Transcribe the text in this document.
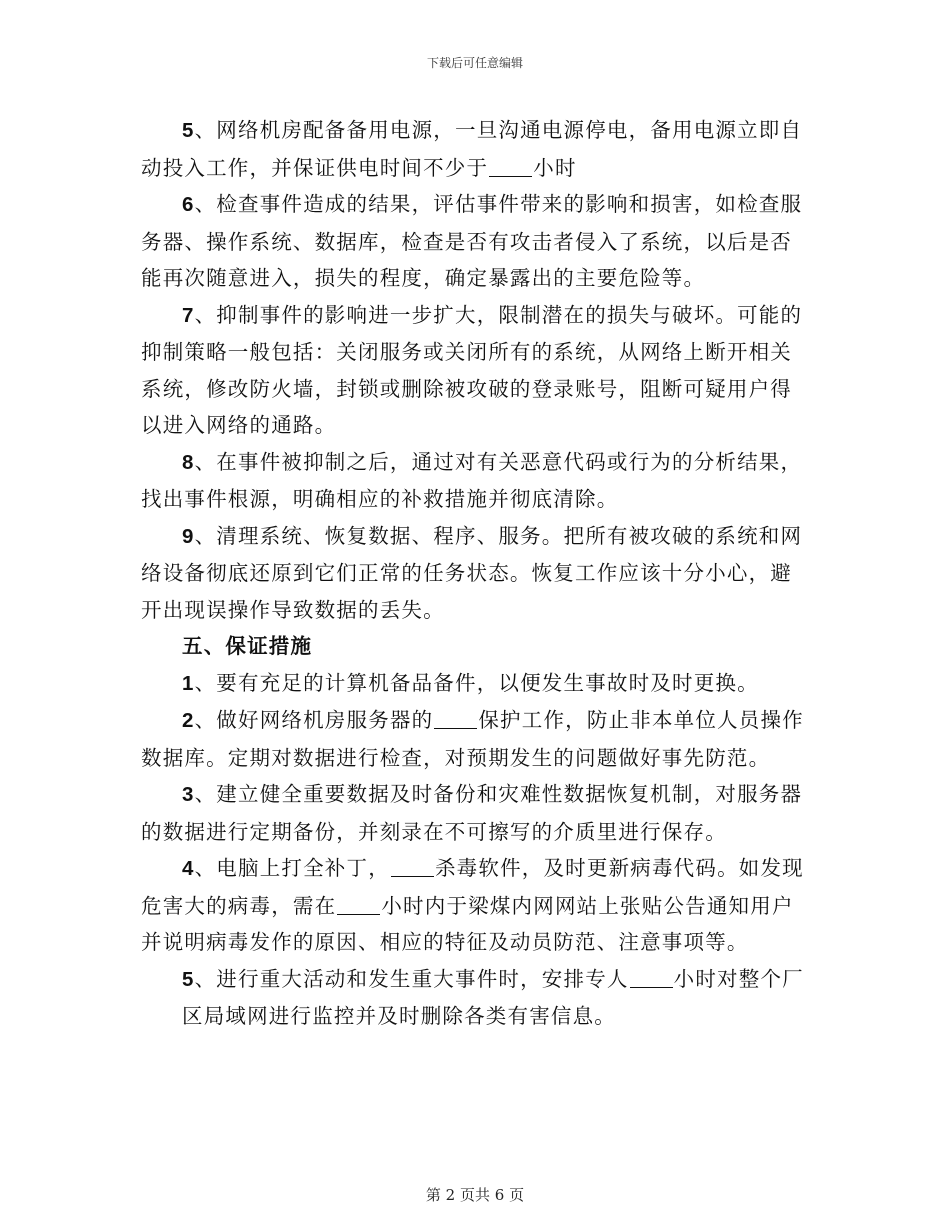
下载后可任意编辑

5、网络机房配备备用电源，一旦沟通电源停电，备用电源立即自动投入工作，并保证供电时间不少于 小时

6、检查事件造成的结果，评估事件带来的影响和损害，如检查服务器、操作系统、数据库，检查是否有攻击者侵入了系统，以后是否能再次随意进入，损失的程度，确定暴露出的主要危险等。

7、抑制事件的影响进一步扩大，限制潜在的损失与破坏。可能的抑制策略一般包括：关闭服务或关闭所有的系统，从网络上断开相关系统，修改防火墙，封锁或删除被攻破的登录账号，阻断可疑用户得以进入网络的通路。

8、在事件被抑制之后，通过对有关恶意代码或行为的分析结果，找出事件根源，明确相应的补救措施并彻底清除。

9、清理系统、恢复数据、程序、服务。把所有被攻破的系统和网络设备彻底还原到它们正常的任务状态。恢复工作应该十分小心，避开出现误操作导致数据的丢失。

五、保证措施

1、要有充足的计算机备品备件，以便发生事故时及时更换。

2、做好网络机房服务器的 保护工作，防止非本单位人员操作数据库。定期对数据进行检查，对预期发生的问题做好事先防范。

3、建立健全重要数据及时备份和灾难性数据恢复机制，对服务器的数据进行定期备份，并刻录在不可擦写的介质里进行保存。

4、电脑上打全补丁， 杀毒软件，及时更新病毒代码。如发现危害大的病毒，需在 小时内于梁煤内网网站上张贴公告通知用户并说明病毒发作的原因、相应的特征及动员防范、注意事项等。

5、进行重大活动和发生重大事件时，安排专人 小时对整个厂区局域网进行监控并及时删除各类有害信息。

第 2 页共 6 页
